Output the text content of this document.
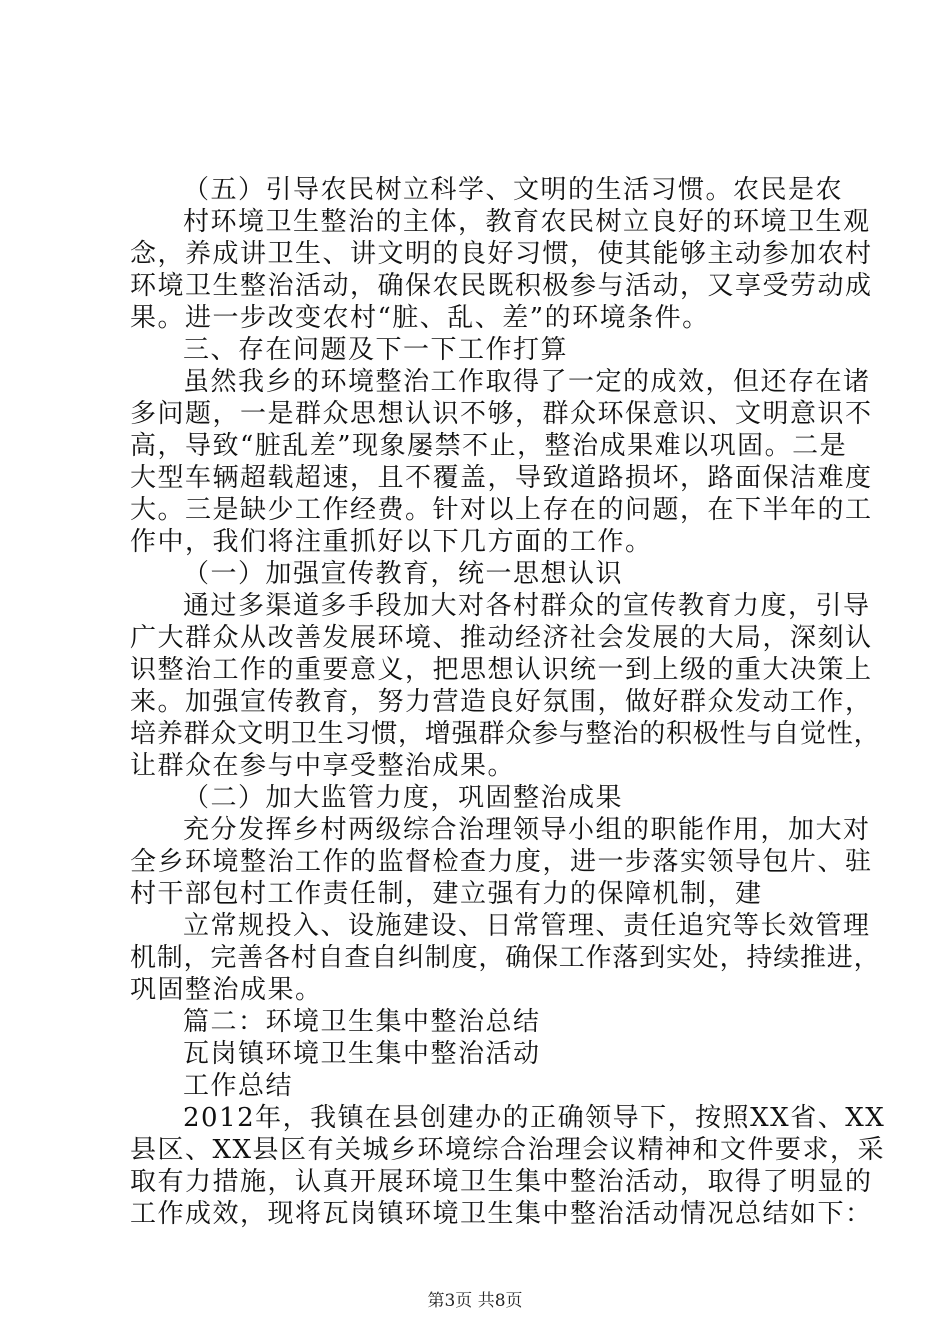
（五）引导农民树立科学、文明的生活习惯。农民是农
村环境卫生整治的主体，教育农民树立良好的环境卫生观
念，养成讲卫生、讲文明的良好习惯，使其能够主动参加农村
环境卫生整治活动，确保农民既积极参与活动，又享受劳动成
果。进一步改变农村“脏、乱、差”的环境条件。
三、存在问题及下一下工作打算
虽然我乡的环境整治工作取得了一定的成效，但还存在诸
多问题，一是群众思想认识不够，群众环保意识、文明意识不
高，导致“脏乱差”现象屡禁不止，整治成果难以巩固。二是
大型车辆超载超速，且不覆盖，导致道路损坏，路面保洁难度
大。三是缺少工作经费。针对以上存在的问题，在下半年的工
作中，我们将注重抓好以下几方面的工作。
（一）加强宣传教育，统一思想认识
通过多渠道多手段加大对各村群众的宣传教育力度，引导
广大群众从改善发展环境、推动经济社会发展的大局，深刻认
识整治工作的重要意义，把思想认识统一到上级的重大决策上
来。加强宣传教育，努力营造良好氛围，做好群众发动工作，
培养群众文明卫生习惯，增强群众参与整治的积极性与自觉性，
让群众在参与中享受整治成果。
（二）加大监管力度，巩固整治成果
充分发挥乡村两级综合治理领导小组的职能作用，加大对
全乡环境整治工作的监督检查力度，进一步落实领导包片、驻
村干部包村工作责任制，建立强有力的保障机制，建
立常规投入、设施建设、日常管理、责任追究等长效管理
机制，完善各村自查自纠制度，确保工作落到实处，持续推进，
巩固整治成果。
篇二：环境卫生集中整治总结
瓦岗镇环境卫生集中整治活动
工作总结
2012年，我镇在县创建办的正确领导下，按照XX省、XX
县区、XX县区有关城乡环境综合治理会议精神和文件要求，采
取有力措施，认真开展环境卫生集中整治活动，取得了明显的
工作成效，现将瓦岗镇环境卫生集中整治活动情况总结如下：
第3页 共8页
